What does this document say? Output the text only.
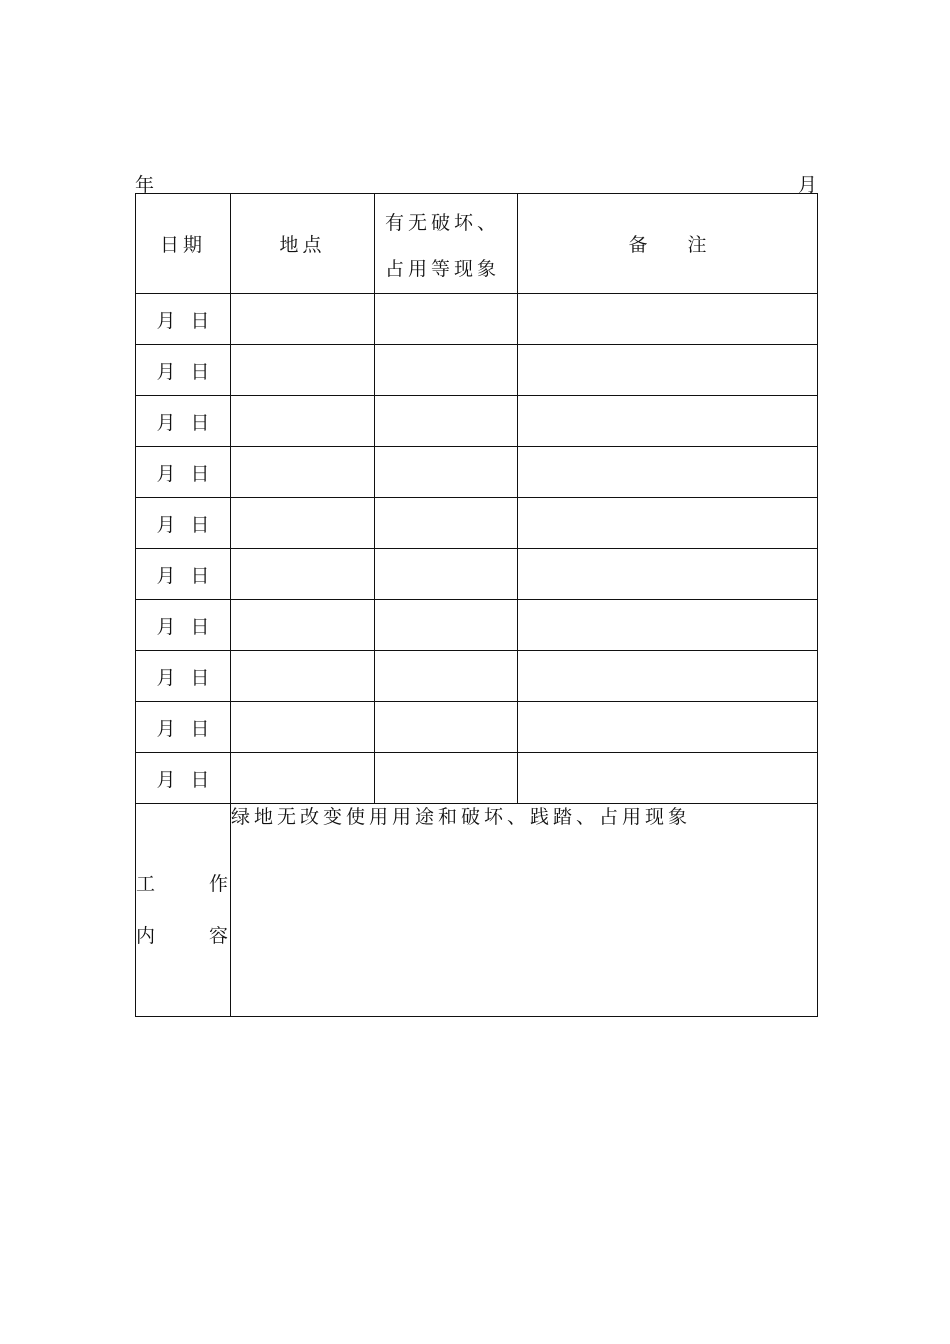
年	月
日期	地点	有无破坏、占用等现象	备 注
月 日			
月 日			
月 日			
月 日			
月 日			
月 日			
月 日			
月 日			
月 日			
月 日			

工 作
内 容	绿地无改变使用用途和破坏、践踏、占用现象		
